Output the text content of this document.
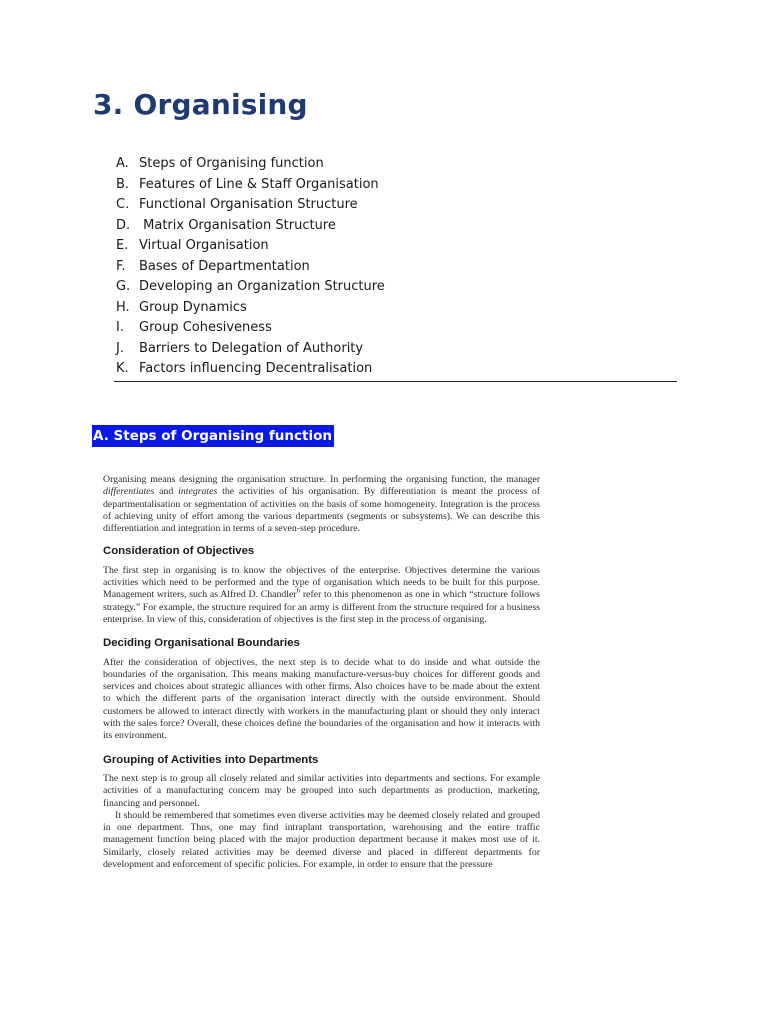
3. Organising
A. Steps of Organising function
B. Features of Line & Staff Organisation
C. Functional Organisation Structure
D. Matrix Organisation Structure
E. Virtual Organisation
F. Bases of Departmentation
G. Developing an Organization Structure
H. Group Dynamics
I. Group Cohesiveness
J. Barriers to Delegation of Authority
K. Factors influencing Decentralisation
A. Steps of Organising function

Organising means designing the organisation structure. In performing the organising function, the manager differentiates and integrates the activities of his organisation. By differentiation is meant the process of departmentalisation or segmentation of activities on the basis of some homogeneity. Integration is the process of achieving unity of effort among the various departments (segments or subsystems). We can describe this differentiation and integration in terms of a seven-step procedure.

Consideration of Objectives

The first step in organising is to know the objectives of the enterprise. Objectives determine the various activities which need to be performed and the type of organisation which needs to be built for this purpose. Management writers, such as Alfred D. Chandler$^6$ refer to this phenomenon as one in which “structure follows strategy.” For example, the structure required for an army is different from the structure required for a business enterprise. In view of this, consideration of objectives is the first step in the process of organising.

Deciding Organisational Boundaries

After the consideration of objectives, the next step is to decide what to do inside and what outside the boundaries of the organisation. This means making manufacture-versus-buy choices for different goods and services and choices about strategic alliances with other firms. Also choices have to be made about the extent to which the different parts of the organisation interact directly with the outside environment. Should customers be allowed to interact directly with workers in the manufacturing plant or should they only interact with the sales force? Overall, these choices define the boundaries of the organisation and how it interacts with its environment.

Grouping of Activities into Departments

The next step is to group all closely related and similar activities into departments and sections. For example activities of a manufacturing concern may be grouped into such departments as production, marketing, financing and personnel.

It should be remembered that sometimes even diverse activities may be deemed closely related and grouped in one department. Thus, one may find intraplant transportation, warehousing and the entire traffic management function being placed with the major production department because it makes most use of it. Similarly, closely related activities may be deemed diverse and placed in different departments for development and enforcement of specific policies. For example, in order to ensure that the pressure
